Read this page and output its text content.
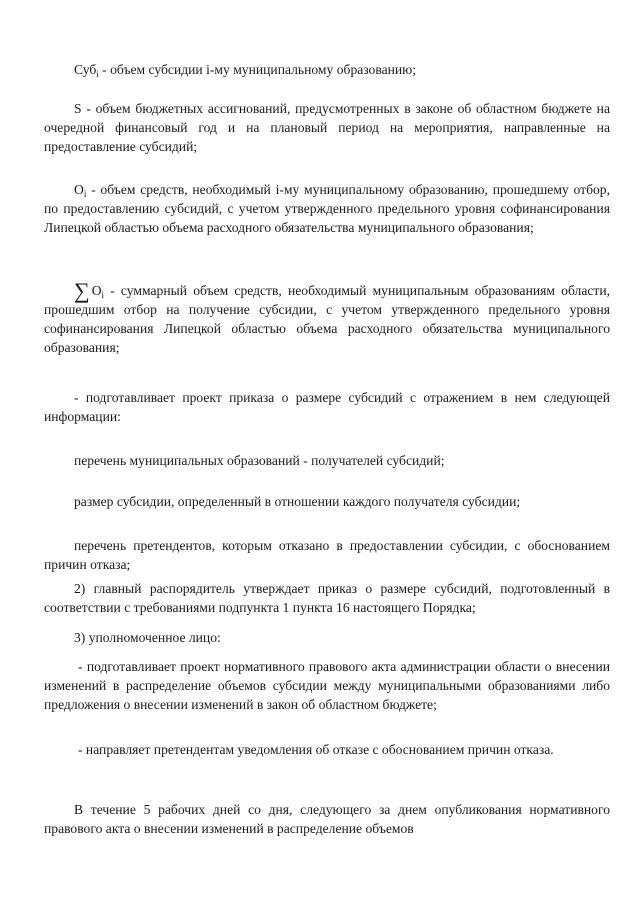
Суб$_i$ - объем субсидии i-му муниципальному образованию;

S - объем бюджетных ассигнований, предусмотренных в законе об областном бюджете на очередной финансовый год и на плановый период на мероприятия, направленные на предоставление субсидий;

$O_i$ - объем средств, необходимый i-му муниципальному образованию, прошедшему отбор, по предоставлению субсидий, с учетом утвержденного предельного уровня софинансирования Липецкой областью объема расходного обязательства муниципального образования;

∑ $O_i$ - суммарный объем средств, необходимый муниципальным образованиям области, прошедшим отбор на получение субсидии, с учетом утвержденного предельного уровня софинансирования Липецкой областью объема расходного обязательства муниципального образования;

- подготавливает проект приказа о размере субсидий с отражением в нем следующей информации:

перечень муниципальных образований - получателей субсидий;

размер субсидии, определенный в отношении каждого получателя субсидии;

перечень претендентов, которым отказано в предоставлении субсидии, с обоснованием причин отказа;

2) главный распорядитель утверждает приказ о размере субсидий, подготовленный в соответствии с требованиями подпункта 1 пункта 16 настоящего Порядка;

3) уполномоченное лицо:

- подготавливает проект нормативного правового акта администрации области о внесении изменений в распределение объемов субсидии между муниципальными образованиями либо предложения о внесении изменений в закон об областном бюджете;

- направляет претендентам уведомления об отказе с обоснованием причин отказа.

В течение 5 рабочих дней со дня, следующего за днем опубликования нормативного правового акта о внесении изменений в распределение объемов
